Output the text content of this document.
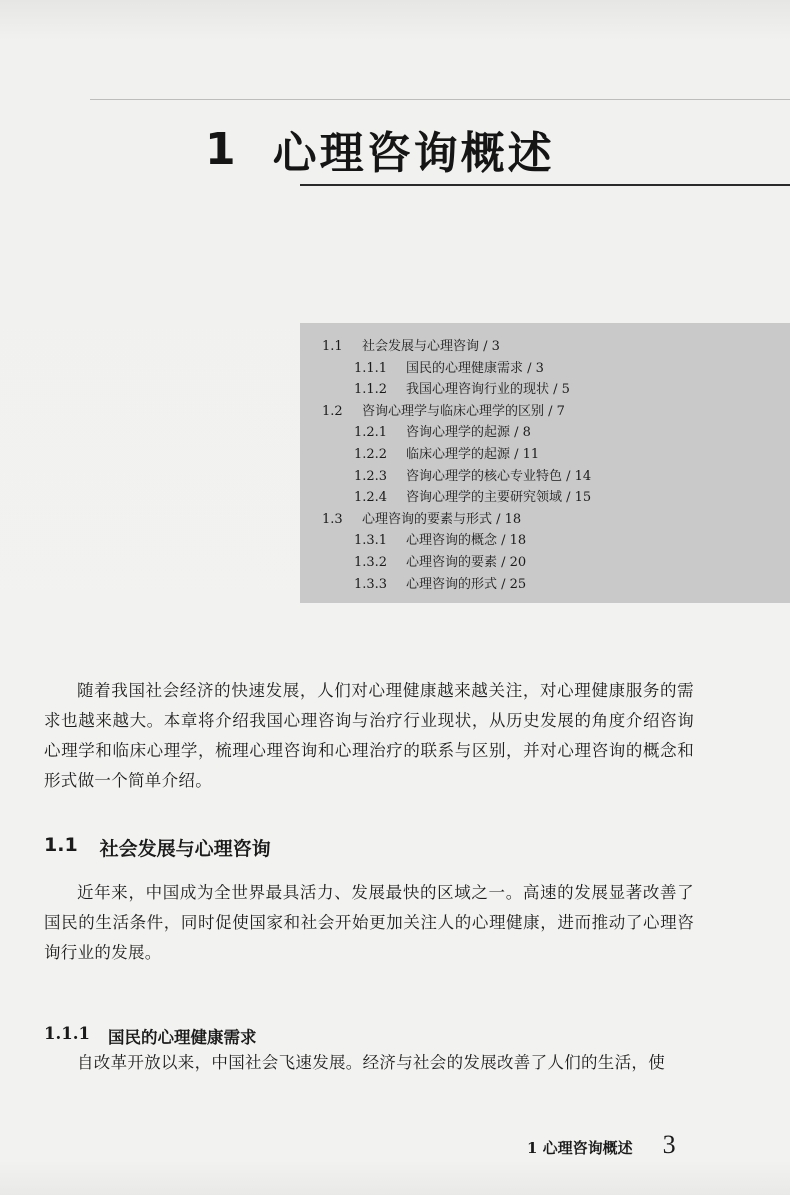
1 心理咨询概述
1.1 社会发展与心理咨询 / 3
1.1.1 国民的心理健康需求 / 3
1.1.2 我国心理咨询行业的现状 / 5
1.2 咨询心理学与临床心理学的区别 / 7
1.2.1 咨询心理学的起源 / 8
1.2.2 临床心理学的起源 / 11
1.2.3 咨询心理学的核心专业特色 / 14
1.2.4 咨询心理学的主要研究领域 / 15
1.3 心理咨询的要素与形式 / 18
1.3.1 心理咨询的概念 / 18
1.3.2 心理咨询的要素 / 20
1.3.3 心理咨询的形式 / 25

随着我国社会经济的快速发展，人们对心理健康越来越关注，对心理健康服务的需求也越来越大。本章将介绍我国心理咨询与治疗行业现状，从历史发展的角度介绍咨询心理学和临床心理学，梳理心理咨询和心理治疗的联系与区别，并对心理咨询的概念和形式做一个简单介绍。

1.1 社会发展与心理咨询

近年来，中国成为全世界最具活力、发展最快的区域之一。高速的发展显著改善了国民的生活条件，同时促使国家和社会开始更加关注人的心理健康，进而推动了心理咨询行业的发展。

1.1.1 国民的心理健康需求

自改革开放以来，中国社会飞速发展。经济与社会的发展改善了人们的生活，使

1 心理咨询概述 3
